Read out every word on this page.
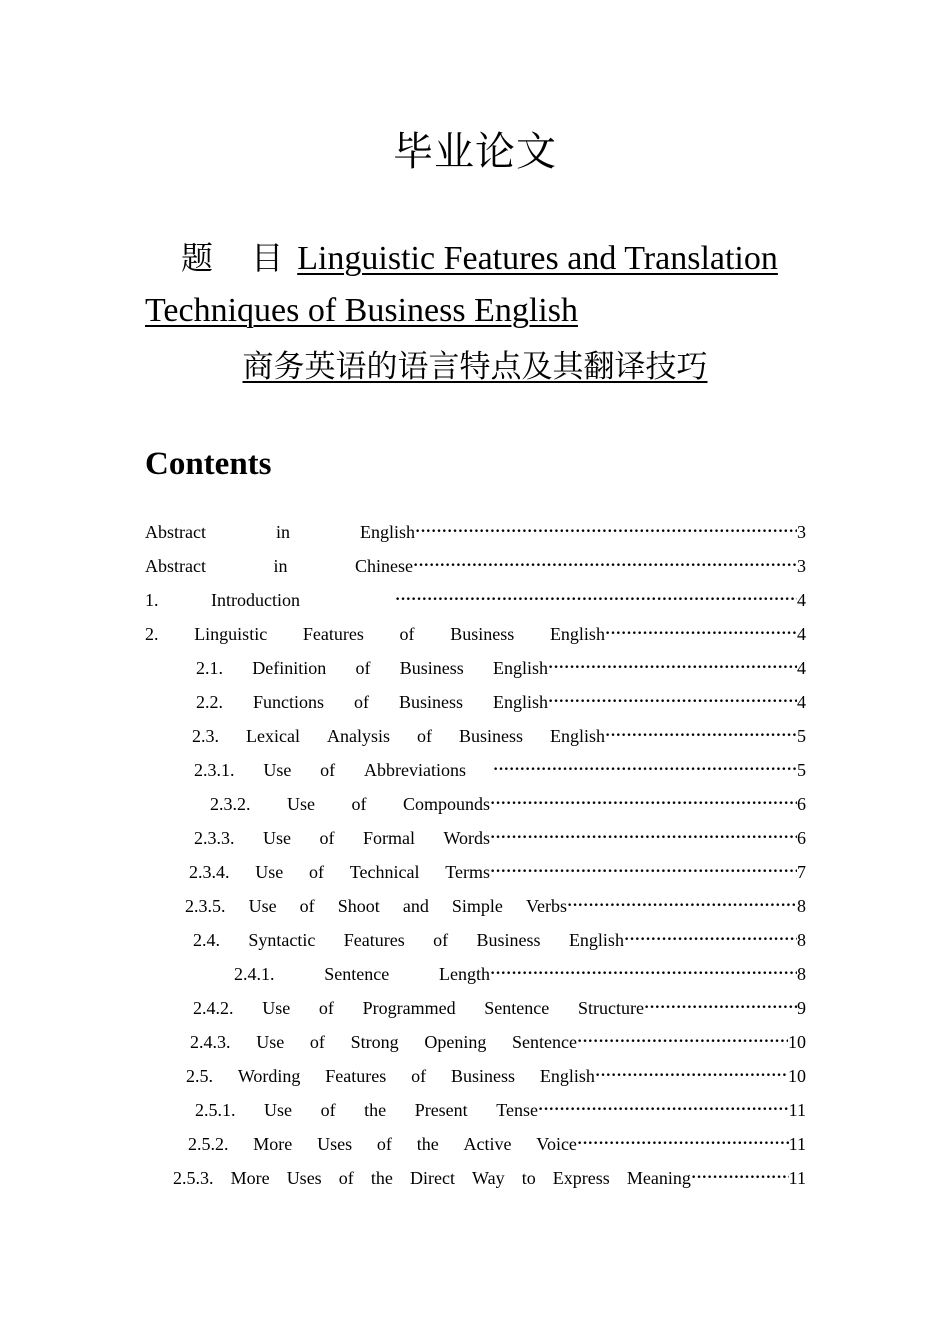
毕业论文
题 目Linguistic Features and Translation
Techniques of Business English
商务英语的语言特点及其翻译技巧
Contents
Abstract	in	English ·····	3
Abstract	in	Chinese ·····	3
1.	Introduction ·····	4
2. Linguistic Features of Business English ·····	4
2.1. Definition of Business English ·····	4
2.2. Functions of Business English ·····	4
2.3. Lexical Analysis of Business English ·····	5
2.3.1. Use of Abbreviations ·····	5
2.3.2. Use of Compounds ·····	6
2.3.3. Use of Formal Words ·····	6
2.3.4. Use of Technical Terms ·····	7
2.3.5. Use of Shoot and Simple Verbs ·····	8
2.4. Syntactic Features of Business English ·····	8
2.4.1.	Sentence	Length ·····	8
2.4.2. Use of Programmed Sentence Structure ·····	9
2.4.3. Use of Strong Opening Sentence ·····	10
2.5. Wording Features of Business English ·····	10
2.5.1. Use of the Present Tense ·····	11
2.5.2. More Uses of the Active Voice ·····	11
2.5.3. More Uses of the Direct Way to Express Meaning ·····	11
